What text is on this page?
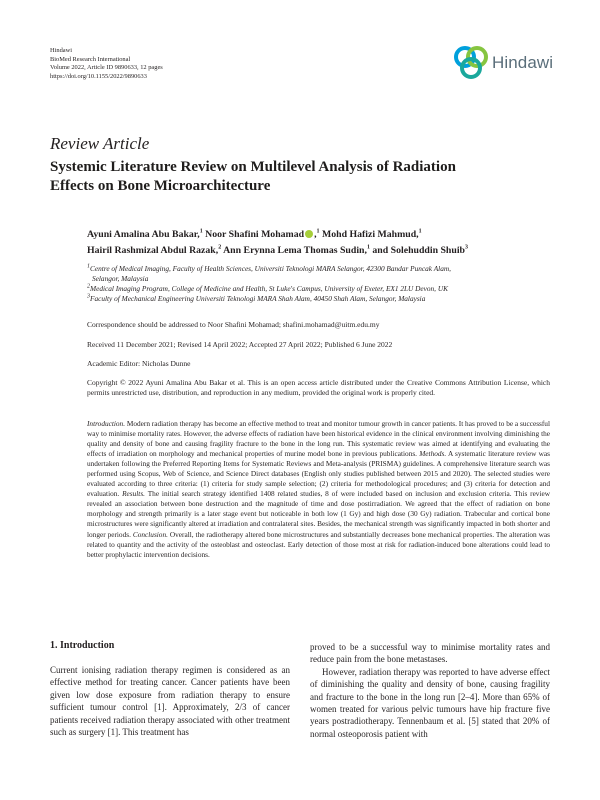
Hindawi
BioMed Research International
Volume 2022, Article ID 9890633, 12 pages
https://doi.org/10.1155/2022/9890633
Hindawi
Review Article
Systemic Literature Review on Multilevel Analysis of Radiation
Effects on Bone Microarchitecture
Ayuni Amalina Abu Bakar,$^1$ Noor Shafini Mohamad ,$^1$ Mohd Hafizi Mahmud,$^1$
Hairil Rashmizal Abdul Razak,$^2$ Ann Erynna Lema Thomas Sudin,$^1$ and Solehuddin Shuib$^3$
$^1$Centre of Medical Imaging, Faculty of Health Sciences, Universiti Teknologi MARA Selangor, 42300 Bandar Puncak Alam,
Selangor, Malaysia
$^2$Medical Imaging Program, College of Medicine and Health, St Luke's Campus, University of Exeter, EX1 2LU Devon, UK
$^3$Faculty of Mechanical Engineering Universiti Teknologi MARA Shah Alam, 40450 Shah Alam, Selangor, Malaysia
Correspondence should be addressed to Noor Shafini Mohamad; shafini.mohamad@uitm.edu.my
Received 11 December 2021; Revised 14 April 2022; Accepted 27 April 2022; Published 6 June 2022
Academic Editor: Nicholas Dunne
Copyright © 2022 Ayuni Amalina Abu Bakar et al. This is an open access article distributed under the Creative Commons Attribution License, which permits unrestricted use, distribution, and reproduction in any medium, provided the original work is properly cited.
Introduction. Modern radiation therapy has become an effective method to treat and monitor tumour growth in cancer patients. It has proved to be a successful way to minimise mortality rates. However, the adverse effects of radiation have been historical evidence in the clinical environment involving diminishing the quality and density of bone and causing fragility fracture to the bone in the long run. This systematic review was aimed at identifying and evaluating the effects of irradiation on morphology and mechanical properties of murine model bone in previous publications. Methods. A systematic literature review was undertaken following the Preferred Reporting Items for Systematic Reviews and Meta-analysis (PRISMA) guidelines. A comprehensive literature search was performed using Scopus, Web of Science, and Science Direct databases (English only studies published between 2015 and 2020). The selected studies were evaluated according to three criteria: (1) criteria for study sample selection; (2) criteria for methodological procedures; and (3) criteria for detection and evaluation. Results. The initial search strategy identified 1408 related studies, 8 of were included based on inclusion and exclusion criteria. This review revealed an association between bone destruction and the magnitude of time and dose postirradiation. We agreed that the effect of radiation on bone morphology and strength primarily is a later stage event but noticeable in both low (1 Gy) and high dose (30 Gy) radiation. Trabecular and cortical bone microstructures were significantly altered at irradiation and contralateral sites. Besides, the mechanical strength was significantly impacted in both shorter and longer periods. Conclusion. Overall, the radiotherapy altered bone microstructures and substantially decreases bone mechanical properties. The alteration was related to quantity and the activity of the osteoblast and osteoclast. Early detection of those most at risk for radiation-induced bone alterations could lead to better prophylactic intervention decisions.
1. Introduction
Current ionising radiation therapy regimen is considered as an effective method for treating cancer. Cancer patients have been given low dose exposure from radiation therapy to ensure sufficient tumour control [1]. Approximately, 2/3 of cancer patients received radiation therapy associated with other treatment such as surgery [1]. This treatment has
proved to be a successful way to minimise mortality rates and reduce pain from the bone metastases.
However, radiation therapy was reported to have adverse effect of diminishing the quality and density of bone, causing fragility and fracture to the bone in the long run [2–4]. More than 65% of women treated for various pelvic tumours have hip fracture five years postradiotherapy. Tennenbaum et al. [5] stated that 20% of normal osteoporosis patient with
